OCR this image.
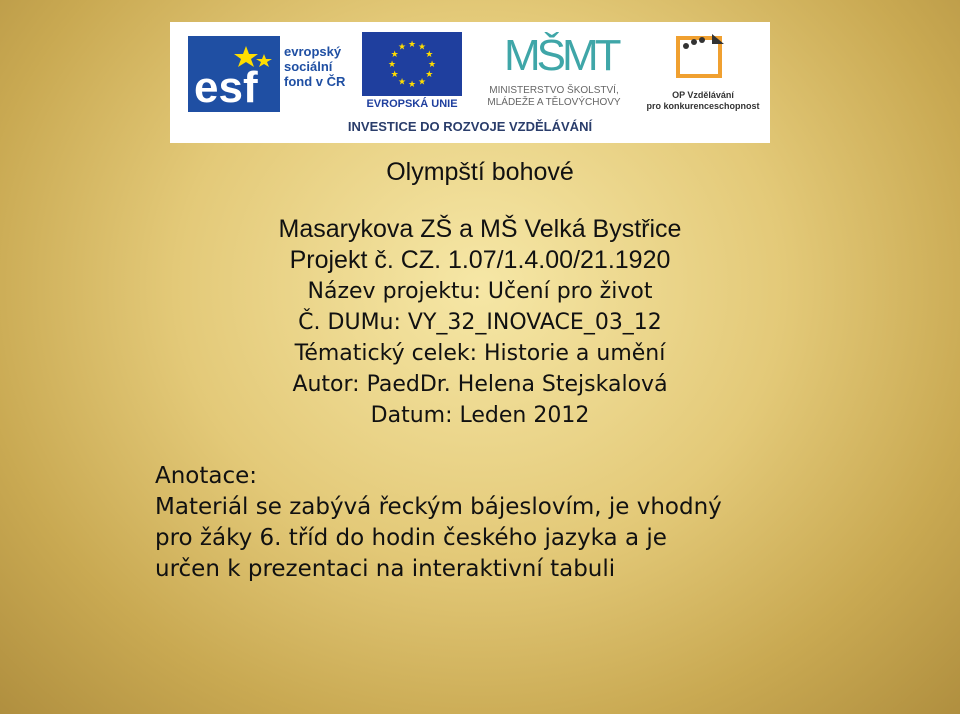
esf
evropský
sociální
fond v ČR
★ ★
★
★
★
★
★
★
★
★
★
★
EVROPSKÁ UNIE
MŠMT
MINISTERSTVO ŠKOLSTVÍ,
MLÁDEŽE A TĚLOVÝCHOVY
OP Vzdělávání
pro konkurenceschopnost
INVESTICE DO ROZVOJE VZDĚLÁVÁNÍ
Olympští bohové
Masarykova ZŠ a MŠ Velká Bystřice
Projekt č. CZ. 1.07/1.4.00/21.1920
Název projektu: Učení pro život
Č. DUMu: VY_32_INOVACE_03_12
Tématický celek: Historie a umění
Autor: PaedDr. Helena Stejskalová
Datum: Leden 2012
Anotace:
Materiál se zabývá řeckým bájeslovím, je vhodný
pro žáky 6. tříd do hodin českého jazyka a je
určen k prezentaci na interaktivní tabuli
